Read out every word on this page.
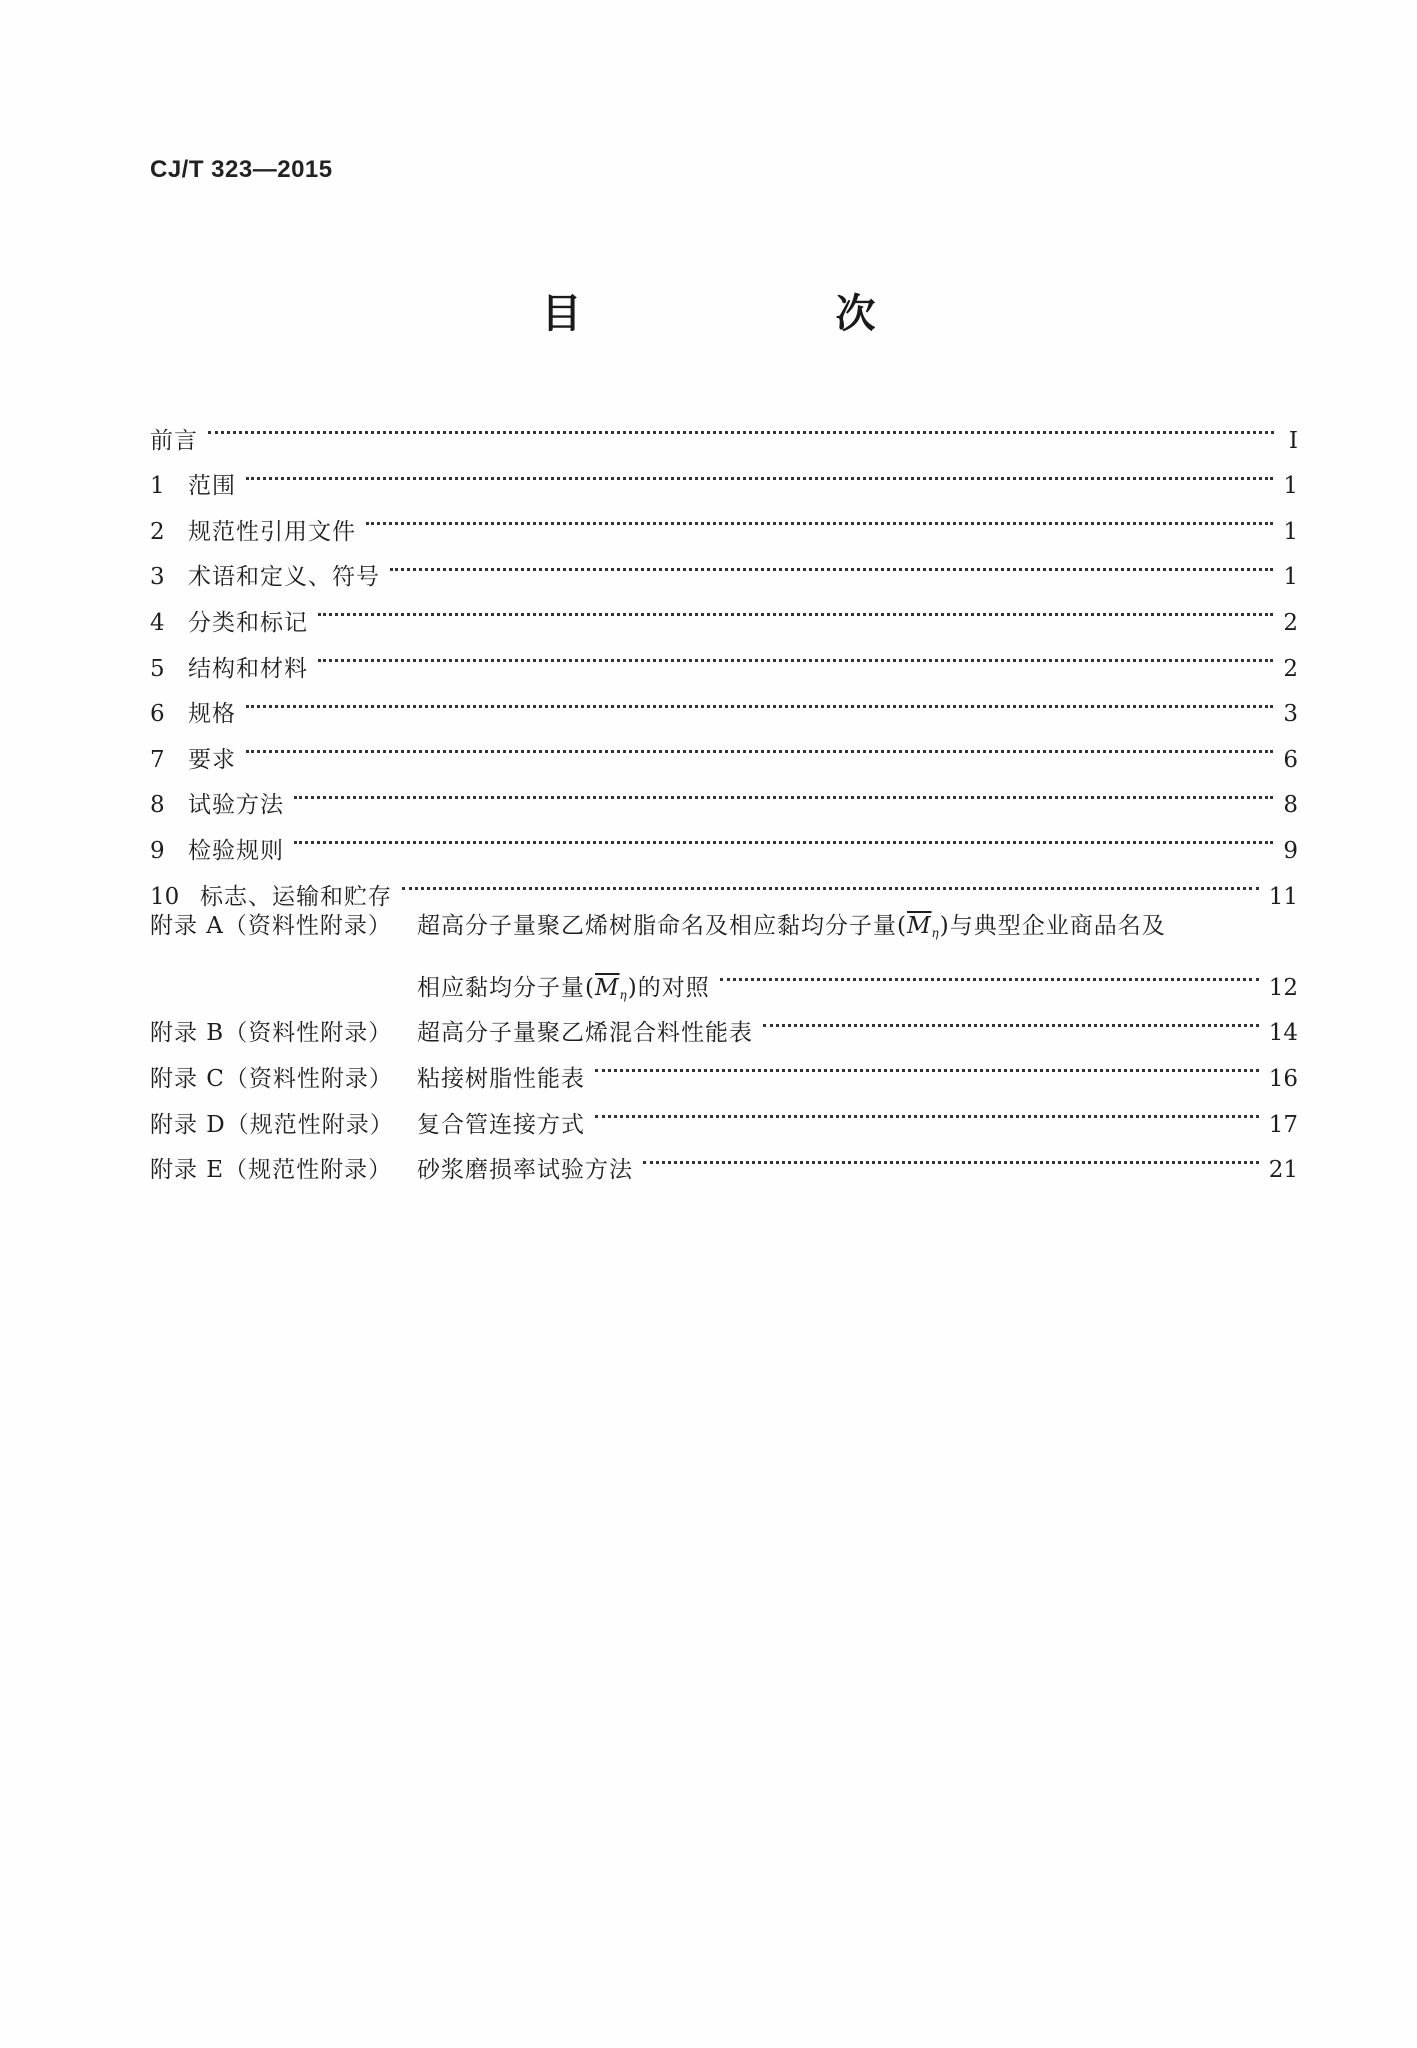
CJ/T 323—2015
目　　次
前言	Ⅰ
1	范围	1
2	规范性引用文件	1
3	术语和定义、符号	1
4	分类和标记	2
5	结构和材料	2
6	规格	3
7	要求	6
8	试验方法	8
9	检验规则	9
10 标志、运输和贮存	11
附录 A（资料性附录）	超高分子量聚乙烯树脂命名及相应黏均分子量$(\overline{M}_\eta)$与典型企业商品名及
相应黏均分子量$(\overline{M}_\eta)$的对照	12
附录 B（资料性附录）	超高分子量聚乙烯混合料性能表	14
附录 C（资料性附录）	粘接树脂性能表	16
附录 D（规范性附录）	复合管连接方式	17
附录 E（规范性附录）	砂浆磨损率试验方法	21
